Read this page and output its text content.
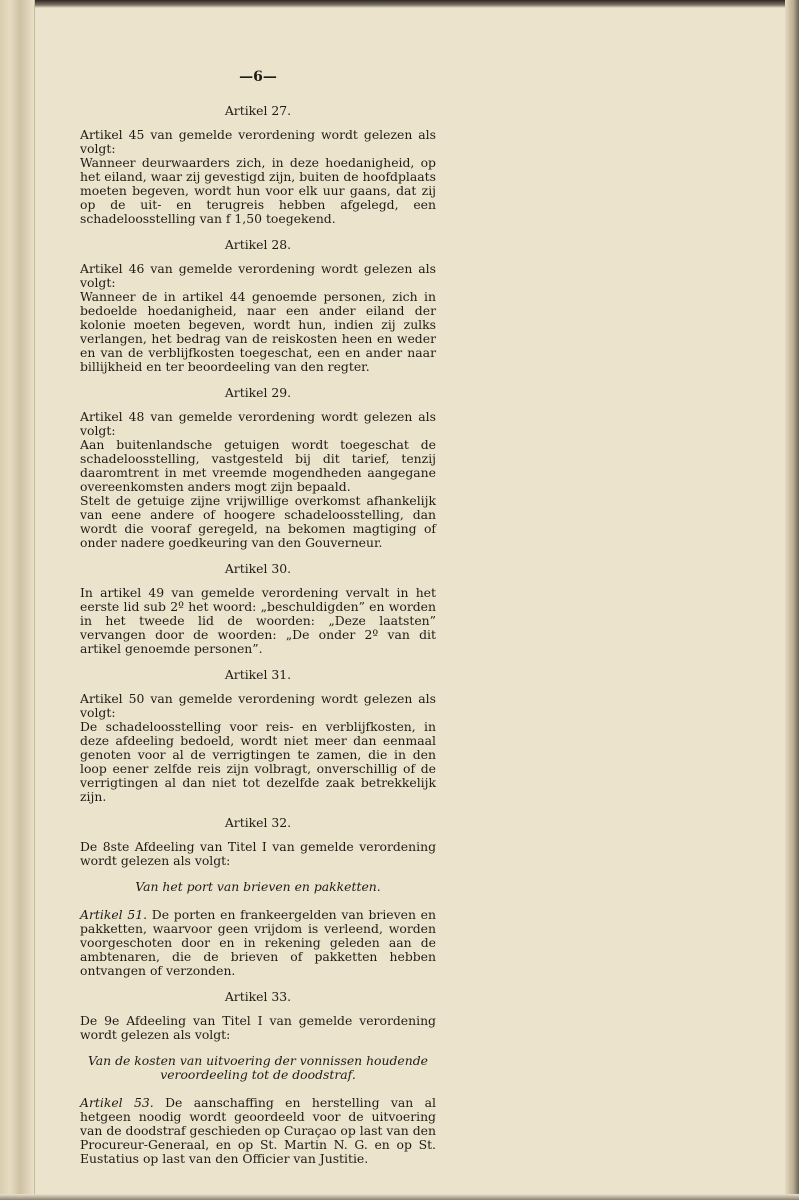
—6—
Artikel 27.

Artikel 45 van gemelde verordening wordt gelezen als volgt:

Wanneer deurwaarders zich, in deze hoedanigheid, op het eiland, waar zij gevestigd zijn, buiten de hoofdplaats moeten begeven, wordt hun voor elk uur gaans, dat zij op de uit- en terugreis hebben afgelegd, een schadeloosstelling van f 1,50 toegekend.

Artikel 28.

Artikel 46 van gemelde verordening wordt gelezen als volgt:

Wanneer de in artikel 44 genoemde personen, zich in bedoelde hoedanigheid, naar een ander eiland der kolonie moeten begeven, wordt hun, indien zij zulks verlangen, het bedrag van de reiskosten heen en weder en van de verblijfkosten toegeschat, een en ander naar billijkheid en ter beoordeeling van den regter.

Artikel 29.

Artikel 48 van gemelde verordening wordt gelezen als volgt:

Aan buitenlandsche getuigen wordt toegeschat de schadeloosstelling, vastgesteld bij dit tarief, tenzij daaromtrent in met vreemde mogendheden aangegane overeenkomsten anders mogt zijn bepaald.

Stelt de getuige zijne vrijwillige overkomst afhankelijk van eene andere of hoogere schadeloosstelling, dan wordt die vooraf geregeld, na bekomen magtiging of onder nadere goedkeuring van den Gouverneur.

Artikel 30.

In artikel 49 van gemelde verordening vervalt in het eerste lid sub 2º het woord: „beschuldigden” en worden in het tweede lid de woorden: „Deze laatsten” vervangen door de woorden: „De onder 2º van dit artikel genoemde personen”.

Artikel 31.

Artikel 50 van gemelde verordening wordt gelezen als volgt:

De schadeloosstelling voor reis- en verblijfkosten, in deze afdeeling bedoeld, wordt niet meer dan eenmaal genoten voor al de verrigtingen te zamen, die in den loop eener zelfde reis zijn volbragt, onverschillig of de verrigtingen al dan niet tot dezelfde zaak betrekkelijk zijn.

Artikel 32.

De 8ste Afdeeling van Titel I van gemelde verordening wordt gelezen als volgt:

Van het port van brieven en pakketten.

Artikel 51. De porten en frankeergelden van brieven en pakketten, waarvoor geen vrijdom is verleend, worden voorgeschoten door en in rekening geleden aan de ambtenaren, die de brieven of pakketten hebben ontvangen of verzonden.

Artikel 33.

De 9e Afdeeling van Titel I van gemelde verordening wordt gelezen als volgt:

Van de kosten van uitvoering der vonnissen houdende veroordeeling tot de doodstraf.

Artikel 53. De aanschaffing en herstelling van al hetgeen noodig wordt geoordeeld voor de uitvoering van de doodstraf geschieden op Curaçao op last van den Procureur-Generaal, en op St. Martin N. G. en op St. Eustatius op last van den Officier van Justitie.
